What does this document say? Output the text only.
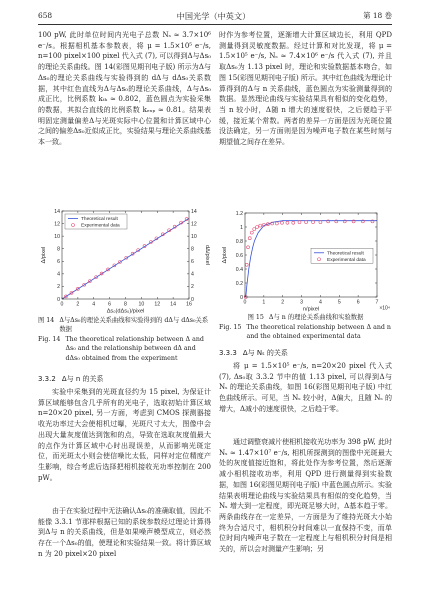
658	中国光学（中英文）	第 18 卷
100 pW, 此时单位时间内光电子总数 Nₛ ≈ 3.7×10⁶ e⁻/s。根据相机基本参数表，将 μ = 1.5×10⁵ e⁻/s, n=100 pixel×100 pixel 代入式 (7), 可以得到Δ与Δs₀的理论关系曲线。图 14(彩图见期刊电子版) 所示为Δ与Δs₀的理论关系曲线与实验得到的 dΔ与 dΔs₀关系数据，其中红色直线为Δ与Δs₀的理论关系曲线，Δ与Δs₀成正比，比例系数 kₜₕ ≈ 0.802，蓝色圆点为实验采集的数据，其拟合直线的比例系数 kₑₓₚ ≈ 0.81。结果表明固定测量偏差Δ与光斑实际中心位置和计算区域中心之间的偏差Δs₀近似成正比，实验结果与理论关系曲线基本一致。
0 2 4 6 8 10 12 14 16
0	0
2	2
4	4
6	6
8	8
10	10
12	12
14	14
Δs₀(dΔs₀)/pixel
Δ/pixel	dΔ/pixel
Theoretical result
Experimental data
图 14 Δ与Δs₀的理论关系曲线和实验得到的 dΔ与 dΔs₀关系数据
Fig. 14 The theoretical relationship between Δ and Δs₀ and the relationship between dΔ and dΔs₀ obtained from the experiment
3.3.2 Δ与 n 的关系
实验中采集到的光斑直径约为 15 pixel, 为保证计算区域能够包含几乎所有的光电子，选取初始计算区域 n=20×20 pixel, 另一方面，考虑到 CMOS 探测器接收光功率过大会使相机过曝，光斑尺寸太大，图像中会出现大量灰度值达到饱和的点，导致在选取灰度值最大的点作为计算区域中心时出现误差，从而影响光斑定位，而光斑太小则会使信噪比太低，同样对定位精度产生影响，综合考虑后选择把相机接收光功率控制在 200 pW。
由于在实验过程中无法确认Δs₀的准确取值，因此不能像 3.3.1 节那样根据已知的系统参数经过理论计算得到Δ与 n 的关系曲线，但是如果噪声模型成立，则必然存在一个Δs₀的值，使理论和实验结果一致。将计算区域 n 为 20 pixel×20 pixel
时作为参考位置，逐渐增大计算区域边长，利用 QPD 测量得到灵敏度数据。经过计算和对比发现，将 μ = 1.5×10⁵ e⁻/s, Nₛ ≈ 7.4×10⁶ e⁻/s 代入式 (7), 并且取Δs₀为 1.13 pixel 时，理论和实验数据基本吻合，如图 15(彩图见期刊电子版) 所示。其中红色曲线为理论计算得到的Δ与 n 关系曲线，蓝色圆点为实验测量得到的数据。显然理论曲线与实验结果具有相似的变化趋势，当 n 较小时，Δ随 n 增大的速度很快，之后便趋于平缓，接近某个常数。两者的差异一方面是因为光斑位置没法确定，另一方面则是因为噪声电子数在某些时刻与期望值之间存在差异。
0	1	2	3	4	5	6	7
0
0.2
0.4
0.6
0.8
1
1.2
n/pixel
Δ/pixel
×10⁴
Theoretical result
Experimental data
图 15 Δ与 n 的理论关系曲线和实验数据
Fig. 15 The theoretical relationship between Δ and n and the obtained experimental data
3.3.3 Δ与 Nₛ 的关系
将 μ = 1.5×10⁵ e⁻/s, n=20×20 pixel 代入式 (7), Δs₀取 3.3.2 节中的值 1.13 pixel, 可以得到Δ与 Nₛ 的理论关系曲线，如图 16(彩图见期刊电子版) 中红色曲线所示。可见，当 Nₛ 较小时，Δ偏大，且随 Nₛ 的增大，Δ减小的速度很快，之后趋于零。
通过调整衰减片使相机接收光功率为 398 pW, 此时 Nₛ ≈ 1.47×10⁷ e⁻/s, 相机所探测到的图像中光斑最大处的灰度值接近饱和，将此处作为参考位置，然后逐渐减小相机接收功率，利用 QPD 进行测量得到实验数据，如图 16(彩图见期刊电子版) 中蓝色圆点所示。实验结果表明理论曲线与实验结果具有相似的变化趋势，当 Nₛ 增大到一定程度，即光斑足够大时，Δ基本趋于零。两条曲线存在一定差异，一方面是为了维持光斑大小始终为合适尺寸，相机积分时间难以一直保持不变，而单位时间内噪声电子数在一定程度上与相机积分时间是相关的，所以会对测量产生影响；另
